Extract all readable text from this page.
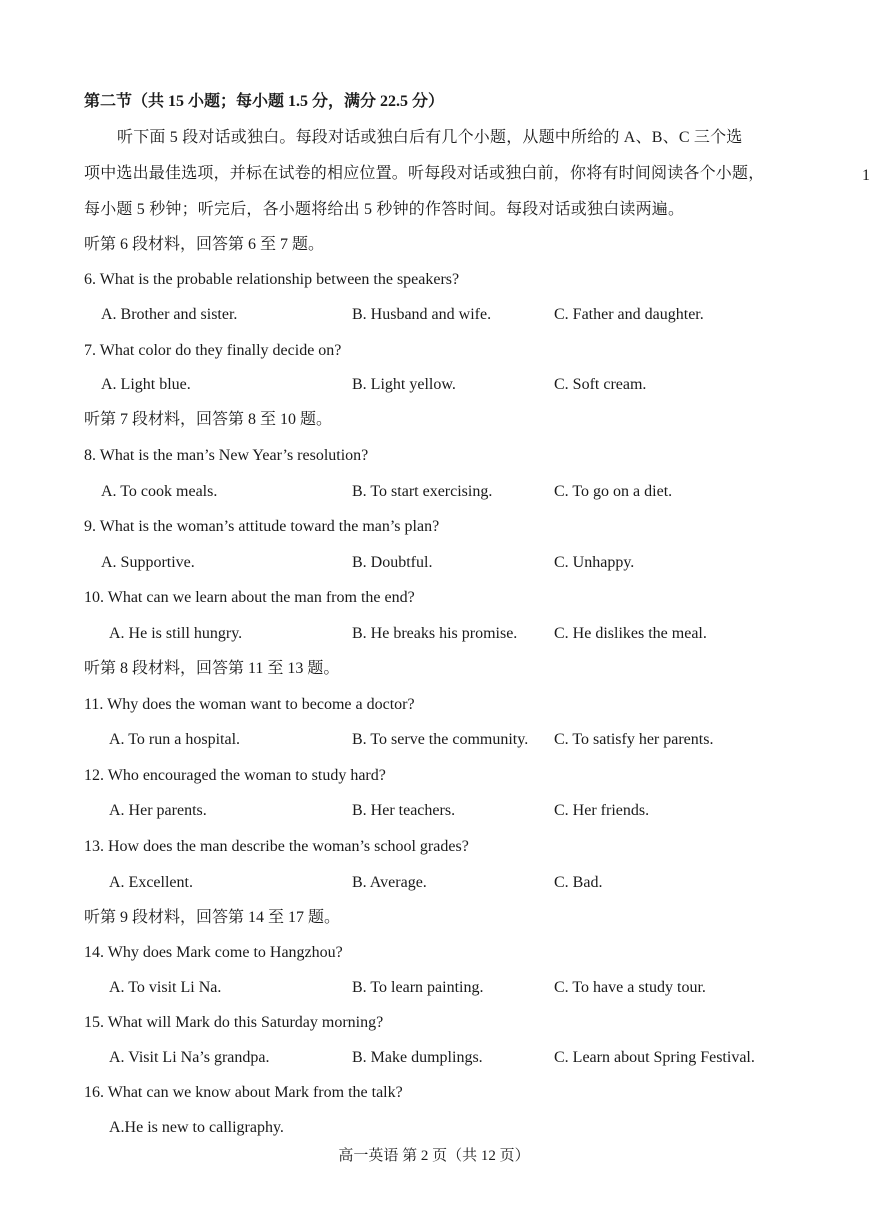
第二节（共 15 小题；每小题 1.5 分，满分 22.5 分）
听下面 5 段对话或独白。每段对话或独白后有几个小题，从题中所给的 A、B、C 三个选
项中选出最佳选项，并标在试卷的相应位置。听每段对话或独白前，你将有时间阅读各个小题，
每小题 5 秒钟；听完后，各小题将给出 5 秒钟的作答时间。每段对话或独白读两遍。
1
听第 6 段材料，回答第 6 至 7 题。
6. What is the probable relationship between the speakers?
A. Brother and sister.	B. Husband and wife.	C. Father and daughter.
7. What color do they finally decide on?
A. Light blue.	B. Light yellow.	C. Soft cream.
听第 7 段材料，回答第 8 至 10 题。
8. What is the man’s New Year’s resolution?
A. To cook meals.	B. To start exercising.	C. To go on a diet.
9. What is the woman’s attitude toward the man’s plan?
A. Supportive.	B. Doubtful.	C. Unhappy.
10. What can we learn about the man from the end?
A. He is still hungry.	B. He breaks his promise. C. He dislikes the meal.
听第 8 段材料，回答第 11 至 13 题。
11. Why does the woman want to become a doctor?
A. To run a hospital.	B. To serve the community. C. To satisfy her parents.
12. Who encouraged the woman to study hard?
A. Her parents.	B. Her teachers.	C. Her friends.
13. How does the man describe the woman’s school grades?
A. Excellent.	B. Average.	C. Bad.
听第 9 段材料，回答第 14 至 17 题。
14. Why does Mark come to Hangzhou?
A. To visit Li Na.	B. To learn painting.	C. To have a study tour.
15. What will Mark do this Saturday morning?
A. Visit Li Na’s grandpa.	B. Make dumplings.	C. Learn about Spring Festival.
16. What can we know about Mark from the talk?
A.He is new to calligraphy.
高一英语 第 2 页（共 12 页）
